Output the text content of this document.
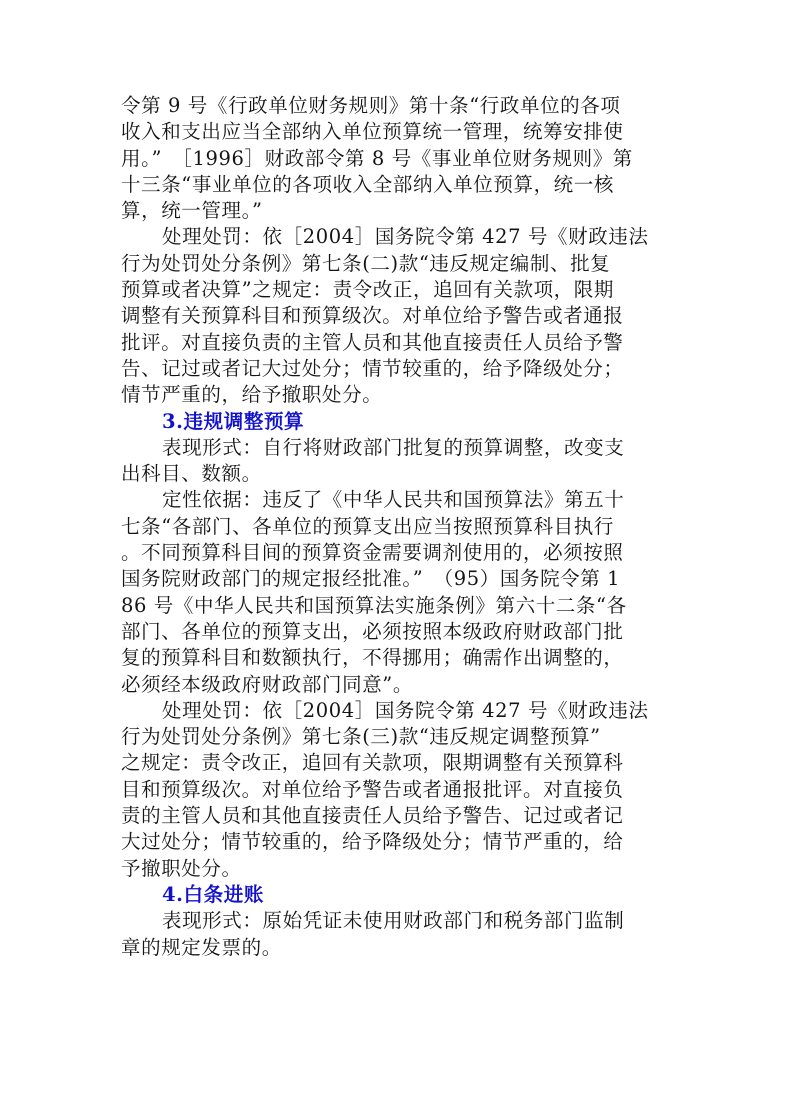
令第 9 号《行政单位财务规则》第十条“行政单位的各项
收入和支出应当全部纳入单位预算统一管理，统筹安排使
用。”　［1996］财政部令第 8 号《事业单位财务规则》第
十三条“事业单位的各项收入全部纳入单位预算，统一核
算，统一管理。”
处理处罚：依［2004］国务院令第 427 号《财政违法
行为处罚处分条例》第七条(二)款“违反规定编制、批复
预算或者决算”之规定：责令改正，追回有关款项，限期
调整有关预算科目和预算级次。对单位给予警告或者通报
批评。对直接负责的主管人员和其他直接责任人员给予警
告、记过或者记大过处分；情节较重的，给予降级处分；
情节严重的，给予撤职处分。
3.违规调整预算
表现形式：自行将财政部门批复的预算调整，改变支
出科目、数额。
定性依据：违反了《中华人民共和国预算法》第五十
七条“各部门、各单位的预算支出应当按照预算科目执行
。不同预算科目间的预算资金需要调剂使用的，必须按照
国务院财政部门的规定报经批准。”　（95）国务院令第 1
86 号《中华人民共和国预算法实施条例》第六十二条“各
部门、各单位的预算支出，必须按照本级政府财政部门批
复的预算科目和数额执行，不得挪用；确需作出调整的，
必须经本级政府财政部门同意”。
处理处罚：依［2004］国务院令第 427 号《财政违法
行为处罚处分条例》第七条(三)款“违反规定调整预算”
之规定：责令改正，追回有关款项，限期调整有关预算科
目和预算级次。对单位给予警告或者通报批评。对直接负
责的主管人员和其他直接责任人员给予警告、记过或者记
大过处分；情节较重的，给予降级处分；情节严重的，给
予撤职处分。
4.白条进账
表现形式：原始凭证未使用财政部门和税务部门监制
章的规定发票的。
